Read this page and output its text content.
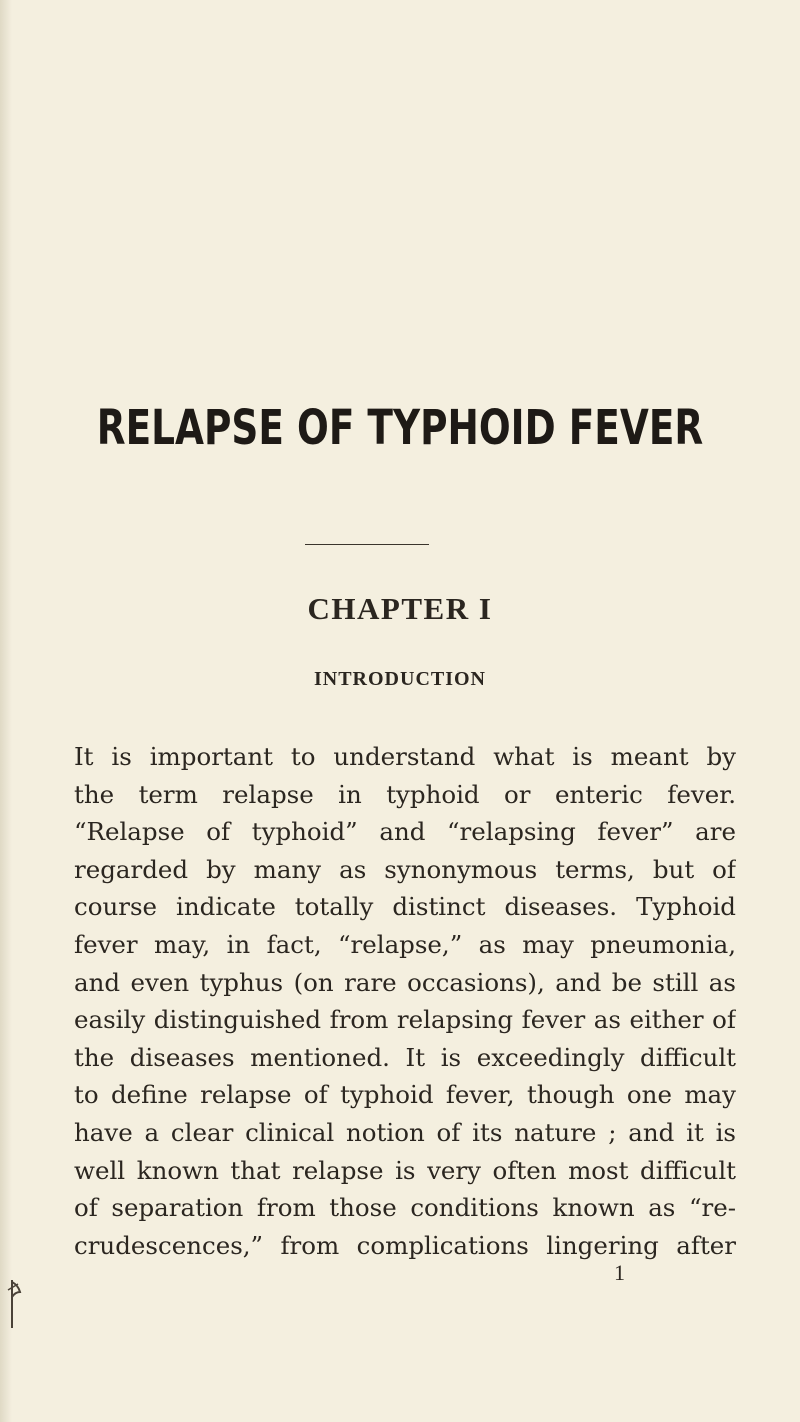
RELAPSE OF TYPHOID FEVER
CHAPTER I
INTRODUCTION
It is important to understand what is meant by
the term relapse in typhoid or enteric fever.
“Relapse of typhoid” and “relapsing fever” are
regarded by many as synonymous terms, but of
course indicate totally distinct diseases. Typhoid
fever may, in fact, “relapse,” as may pneumonia,
and even typhus (on rare occasions), and be still as
easily distinguished from relapsing fever as either of
the diseases mentioned. It is exceedingly difficult
to define relapse of typhoid fever, though one may
have a clear clinical notion of its nature ; and it is
well known that relapse is very often most difficult
of separation from those conditions known as “re-
crudescences,” from complications lingering after
1
